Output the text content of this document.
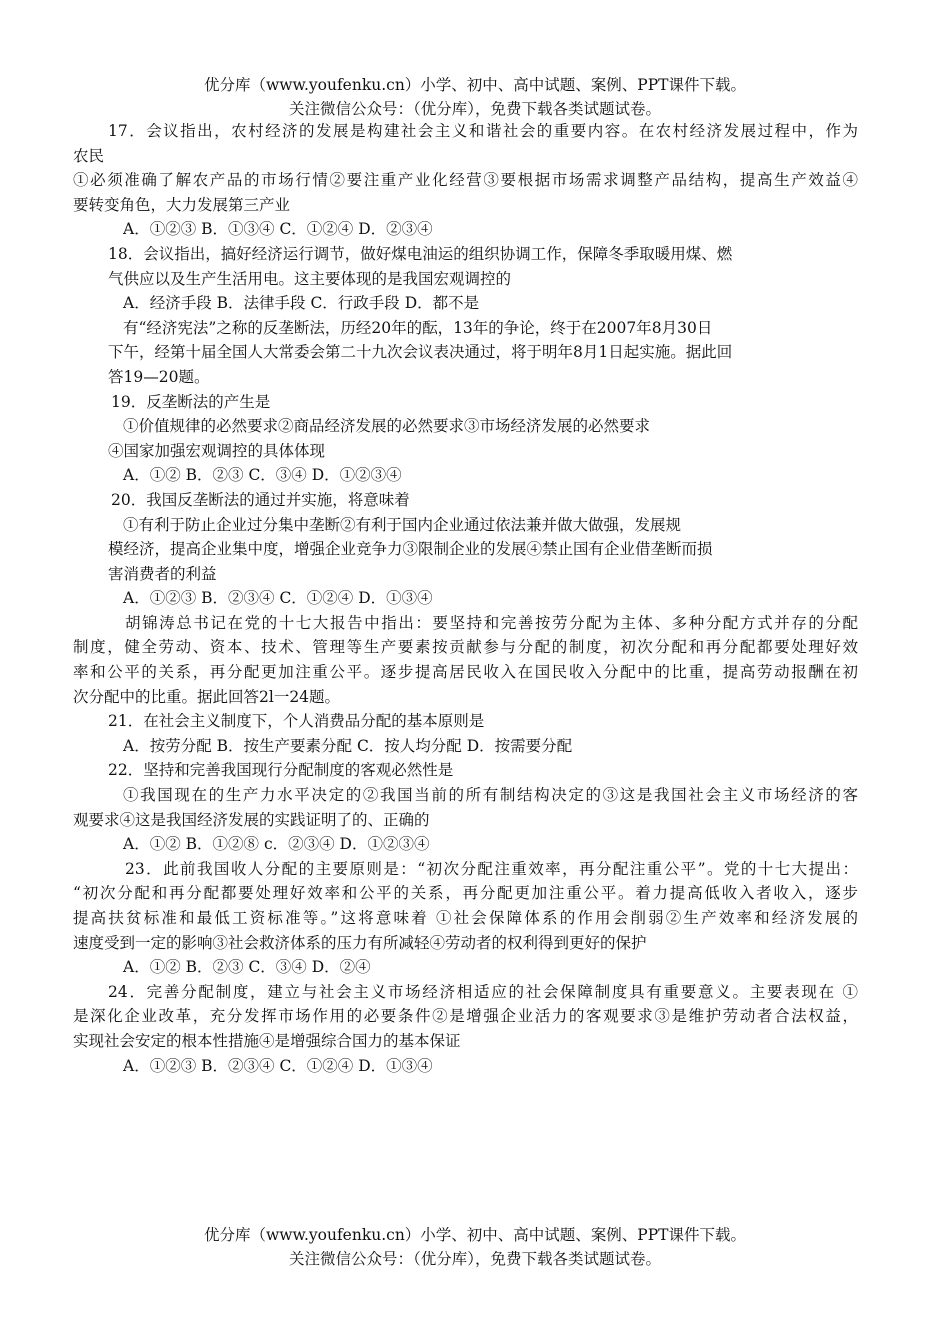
优分库（www.youfenku.cn）小学、初中、高中试题、案例、PPT课件下载。
关注微信公众号：（优分库），免费下载各类试题试卷。
17．会议指出，农村经济的发展是构建社会主义和谐社会的重要内容。在农村经济发展过程中，作为
农民
①必须准确了解农产品的市场行情②要注重产业化经营③要根据市场需求调整产品结构，提高生产效益④
要转变角色，大力发展第三产业
A．①②③ B．①③④ C．①②④ D．②③④
18．会议指出，搞好经济运行调节，做好煤电油运的组织协调工作，保障冬季取暖用煤、燃
气供应以及生产生活用电。这主要体现的是我国宏观调控的
A．经济手段 B．法律手段 C．行政手段 D．都不是
有“经济宪法”之称的反垄断法，历经20年的酝，13年的争论，终于在2007年8月30日
下午，经第十届全国人大常委会第二十九次会议表决通过，将于明年8月1日起实施。据此回
答19—20题。
19．反垄断法的产生是
①价值规律的必然要求②商品经济发展的必然要求③市场经济发展的必然要求
④国家加强宏观调控的具体体现
A．①② B．②③ C．③④ D．①②③④
20．我国反垄断法的通过并实施，将意味着
①有利于防止企业过分集中垄断②有利于国内企业通过依法兼并做大做强，发展规
模经济，提高企业集中度，增强企业竞争力③限制企业的发展④禁止国有企业借垄断而损
害消费者的利益
A．①②③ B．②③④ C．①②④ D．①③④
胡锦涛总书记在党的十七大报告中指出：要坚持和完善按劳分配为主体、多种分配方式并存的分配
制度，健全劳动、资本、技术、管理等生产要素按贡献参与分配的制度，初次分配和再分配都要处理好效
率和公平的关系，再分配更加注重公平。逐步提高居民收入在国民收入分配中的比重，提高劳动报酬在初
次分配中的比重。据此回答2l一24题。
21．在社会主义制度下，个人消费品分配的基本原则是
A．按劳分配 B．按生产要素分配 C．按人均分配 D．按需要分配
22．坚持和完善我国现行分配制度的客观必然性是
①我国现在的生产力水平决定的②我国当前的所有制结构决定的③这是我国社会主义市场经济的客
观要求④这是我国经济发展的实践证明了的、正确的
A．①② B．①②⑧ c．②③④ D．①②③④
23．此前我国收人分配的主要原则是：“初次分配注重效率，再分配注重公平”。党的十七大提出：
“初次分配和再分配都要处理好效率和公平的关系，再分配更加注重公平。着力提高低收入者收入，逐步
提高扶贫标准和最低工资标准等。”这将意味着 ①社会保障体系的作用会削弱②生产效率和经济发展的
速度受到一定的影响③社会救济体系的压力有所减轻④劳动者的权利得到更好的保护
A．①② B．②③ C．③④ D．②④
24．完善分配制度，建立与社会主义市场经济相适应的社会保障制度具有重要意义。主要表现在 ①
是深化企业改革，充分发挥市场作用的必要条件②是增强企业活力的客观要求③是维护劳动者合法权益，
实现社会安定的根本性措施④是增强综合国力的基本保证
A．①②③ B．②③④ C．①②④ D．①③④
优分库（www.youfenku.cn）小学、初中、高中试题、案例、PPT课件下载。
关注微信公众号：（优分库），免费下载各类试题试卷。
